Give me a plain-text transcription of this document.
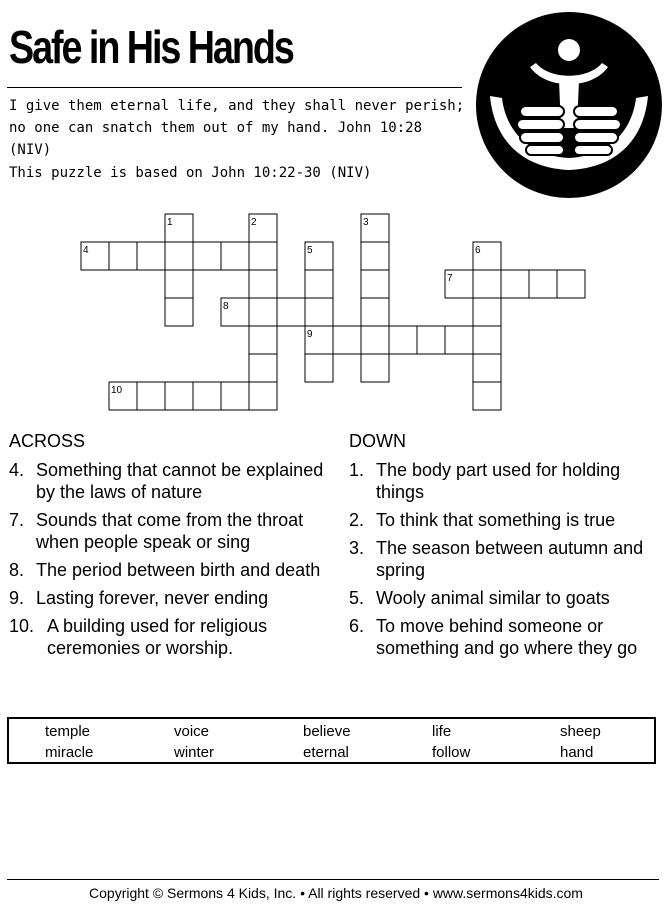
Safe in His Hands
I give them eternal life, and they shall never perish; no one can snatch them out of my hand. John 10:28 (NIV)
This puzzle is based on John 10:22-30 (NIV)
1	2	3
4	5	6
7
8
9
10
ACROSS
4. Something that cannot be explained by the laws of nature
7. Sounds that come from the throat when people speak or sing
8. The period between birth and death
9. Lasting forever, never ending
10. A building used for religious ceremonies or worship.
DOWN
1. The body part used for holding things
2. To think that something is true
3. The season between autumn and spring
5. Wooly animal similar to goats
6. To move behind someone or something and go where they go
temple	voice	believe	life	sheep
miracle	winter	eternal	follow	hand
Copyright © Sermons 4 Kids, Inc. • All rights reserved • www.sermons4kids.com
